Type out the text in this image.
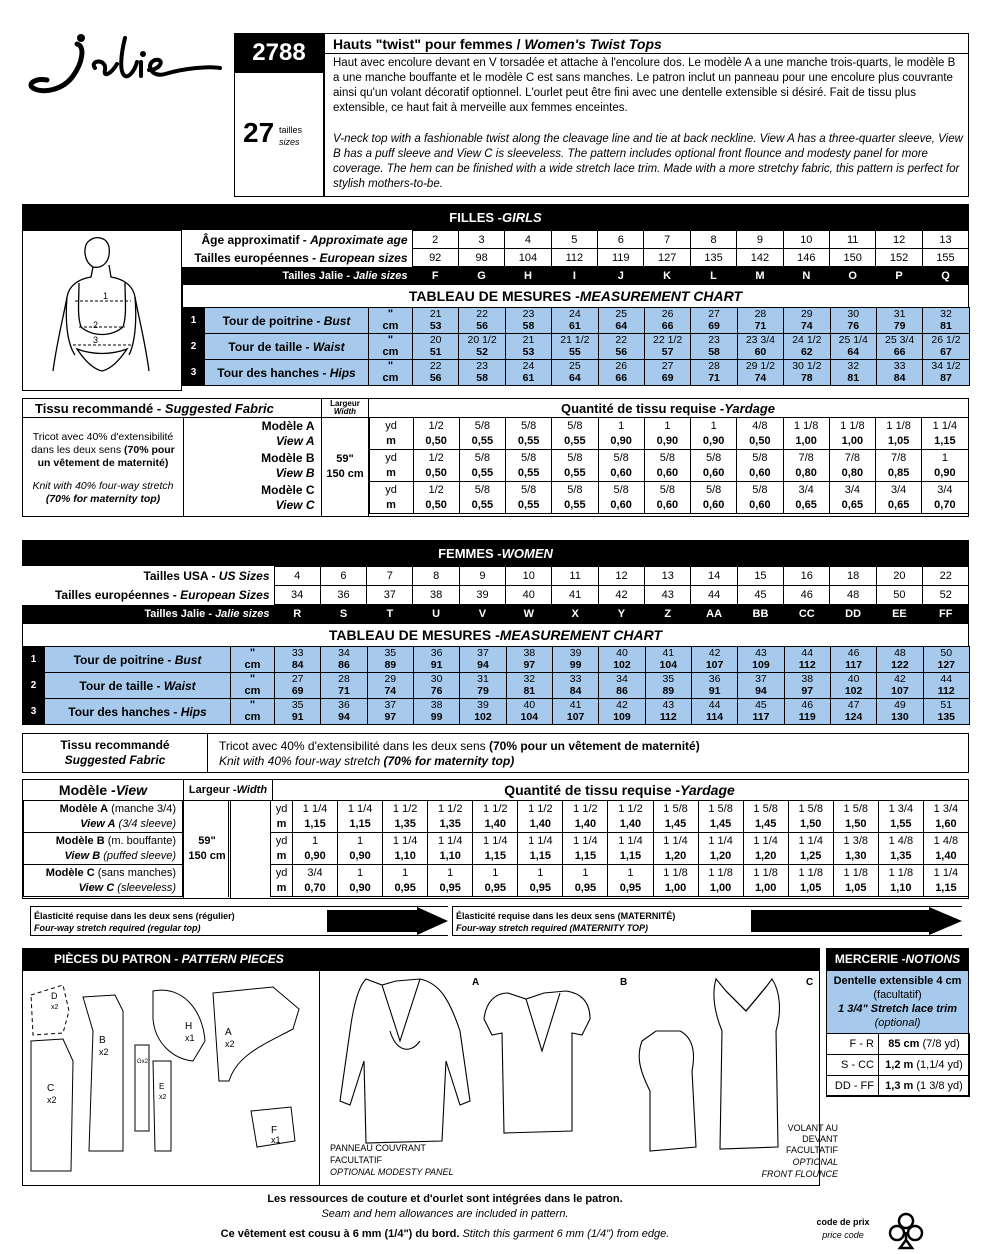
2788
27 tailles
sizes
Hauts "twist" pour femmes / Women's Twist Tops
Haut avec encolure devant en V torsadée et attache à l'encolure dos. Le modèle A a une manche trois-quarts, le modèle B a une manche bouffante et le modèle C est sans manches. Le patron inclut un panneau pour une encolure plus couvrante ainsi qu'un volant décoratif optionnel. L'ourlet peut être fini avec une dentelle extensible si désiré. Fait de tissu plus extensible, ce haut fait à merveille aux femmes enceintes.
V-neck top with a fashionable twist along the cleavage line and tie at back neckline. View A has a three-quarter sleeve, View B has a puff sleeve and View C is sleeveless. The pattern includes optional front flounce and modesty panel for more coverage. The hem can be finished with a wide stretch lace trim. Made with a more stretchy fabric, this pattern is perfect for stylish mothers-to-be.
FILLES - GIRLS
1
2
3
Âge approximatif - Approximate age	2	3	4	5	6	7	8	9	10	11	12	13
Tailles européennes - European sizes	92	98	104	112	119	127	135	142	146	150	152	155
Tailles Jalie - Jalie sizes	F	G	H	I	J	K	L	M	N	O	P	Q
TABLEAU DE MESURES - MEASUREMENT CHART
1	Tour de poitrine - Bust	"	21	22	23	24	25	26	27	28	29	30	31	32
		cm	53	56	58	61	64	66	69	71	74	76	79	81
2	Tour de taille - Waist	"	20	20 1/2	21	21 1/2	22	22 1/2	23	23 3/4	24 1/2	25 1/4	25 3/4	26 1/2
		cm	51	52	53	55	56	57	58	60	62	64	66	67
3	Tour des hanches - Hips	"	22	23	24	25	26	27	28	29 1/2	30 1/2	32	33	34 1/2
		cm	56	58	61	64	66	69	71	74	78	81	84	87
Tissu recommandé - Suggested Fabric	Largeur
Width	Quantité de tissu requise - Yardage
Tricot avec 40% d'extensibilité
dans les deux sens (70% pour
un vêtement de maternité)
Knit with 40% four-way stretch
(70% for maternity top)
59"
150 cm
Modèle A
View A		yd	1/2	5/8	5/8	5/8	1	1	1	4/8	1 1/8	1 1/8	1 1/8	1 1/4
		m	0,50	0,55	0,55	0,55	0,90	0,90	0,90	0,50	1,00	1,00	1,05	1,15

Modèle B
View B		yd	1/2	5/8	5/8	5/8	5/8	5/8	5/8	5/8	7/8	7/8	7/8	1
		m	0,50	0,55	0,55	0,55	0,60	0,60	0,60	0,60	0,80	0,80	0,85	0,90

Modèle C
View C		yd	1/2	5/8	5/8	5/8	5/8	5/8	5/8	5/8	3/4	3/4	3/4	3/4
		m	0,50	0,55	0,55	0,55	0,60	0,60	0,60	0,60	0,65	0,65	0,65	0,70
FEMMES - WOMEN
Tailles USA - US Sizes	4	6	7	8	9	10	11	12	13	14	15	16	18	20	22
Tailles européennes - European Sizes	34	36	37	38	39	40	41	42	43	44	45	46	48	50	52
Tailles Jalie - Jalie sizes	R	S	T	U	V	W	X	Y	Z	AA	BB	CC	DD	EE	FF
TABLEAU DE MESURES - MEASUREMENT CHART
1	Tour de poitrine - Bust	"	33	34	35	36	37	38	39	40	41	42	43	44	46	48	50
		cm	84	86	89	91	94	97	99	102	104	107	109	112	117	122	127
2	Tour de taille - Waist	"	27	28	29	30	31	32	33	34	35	36	37	38	40	42	44
		cm	69	71	74	76	79	81	84	86	89	91	94	97	102	107	112
3	Tour des hanches - Hips	"	35	36	37	38	39	40	41	42	43	44	45	46	47	49	51
		cm	91	94	97	99	102	104	107	109	112	114	117	119	124	130	135
Tissu recommandé
Suggested Fabric
Tricot avec 40% d'extensibilité dans les deux sens (70% pour un vêtement de maternité)
Knit with 40% four-way stretch (70% for maternity top)
Modèle - View	Largeur - Width	Quantité de tissu requise - Yardage
59"
150 cm
Modèle A (manche 3/4)
View A (3/4 sleeve)			yd	1 1/4	1 1/4	1 1/2	1 1/2	1 1/2	1 1/2	1 1/2	1 1/2	1 5/8	1 5/8	1 5/8	1 5/8	1 5/8	1 3/4	1 3/4
			m	1,15	1,15	1,35	1,35	1,40	1,40	1,40	1,40	1,45	1,45	1,45	1,50	1,50	1,55	1,60

Modèle B (m. bouffante)
View B (puffed sleeve)			yd	1	1	1 1/4	1 1/4	1 1/4	1 1/4	1 1/4	1 1/4	1 1/4	1 1/4	1 1/4	1 1/4	1 3/8	1 4/8	1 4/8
			m	0,90	0,90	1,10	1,10	1,15	1,15	1,15	1,15	1,20	1,20	1,20	1,25	1,30	1,35	1,40

Modèle C (sans manches)
View C (sleeveless)			yd	3/4	1	1	1	1	1	1	1	1 1/8	1 1/8	1 1/8	1 1/8	1 1/8	1 1/8	1 1/4
			m	0,70	0,90	0,95	0,95	0,95	0,95	0,95	0,95	1,00	1,00	1,00	1,05	1,05	1,10	1,15
Élasticité requise dans les deux sens (régulier)
Four-way stretch required (regular top)
Élasticité requise dans les deux sens (MATERNITÉ)
Four-way stretch required (MATERNITY TOP)
PIÈCES DU PATRON - PATTERN PIECES
D
x2
B
x2
C
x2
Gx2
E
x2
H
x1	A
x2
F
x1
A	B	C
PANNEAU COUVRANT
FACULTATIF
OPTIONAL MODESTY PANEL
VOLANT AU
DEVANT
FACULTATIF
OPTIONAL
FRONT FLOUNCE
MERCERIE - NOTIONS
Dentelle extensible 4 cm
(facultatif)
1 3/4" Stretch lace trim
(optional)
F - R	85 cm (7/8 yd)
S - CC	1,2 m (1,1/4 yd)
DD - FF	1,3 m (1 3/8 yd)
Les ressources de couture et d'ourlet sont intégrées dans le patron.
Seam and hem allowances are included in pattern.
Ce vêtement est cousu à 6 mm (1/4") du bord. Stitch this garment 6 mm (1/4") from edge.
code de prix
price code
